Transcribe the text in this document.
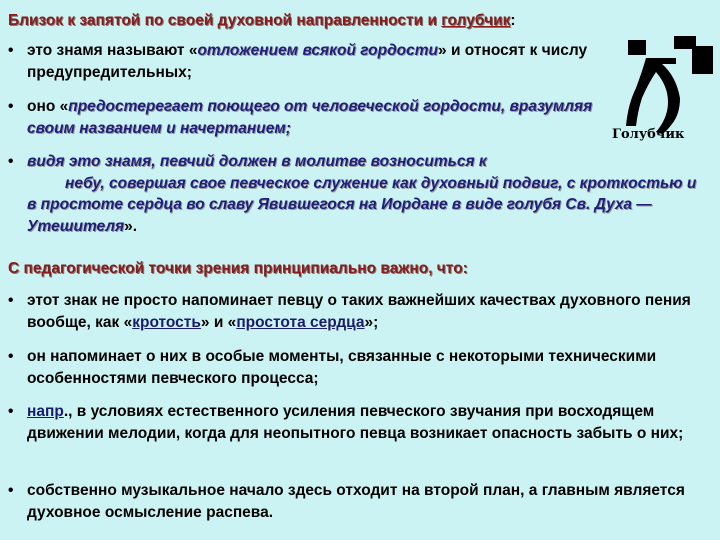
Близок к запятой по своей духовной направленности и голубчик:
• это знамя называют «отложением всякой гордости» и относят к числу предупредительных;
• оно «предостерегает поющего от человеческой гордости, вразумляя своим названием и начертанием;
• видя это знамя, певчий должен в молитве возноситься к
небу, совершая свое певческое служение как духовный подвиг, с кроткостью и в простоте сердца во славу Явившегося на Иордане в виде голубя Св. Духа — Утешителя».
Голубчик
С педагогической точки зрения принципиально важно, что:
• этот знак не просто напоминает певцу о таких важнейших качествах духовного пения вообще, как «кротость» и «простота сердца»;
• он напоминает о них в особые моменты, связанные с некоторыми техническими особенностями певческого процесса;
• напр., в условиях естественного усиления певческого звучания при восходящем движении мелодии, когда для неопытного певца возникает опасность забыть о них;
• собственно музыкальное начало здесь отходит на второй план, а главным является духовное осмысление распева.
